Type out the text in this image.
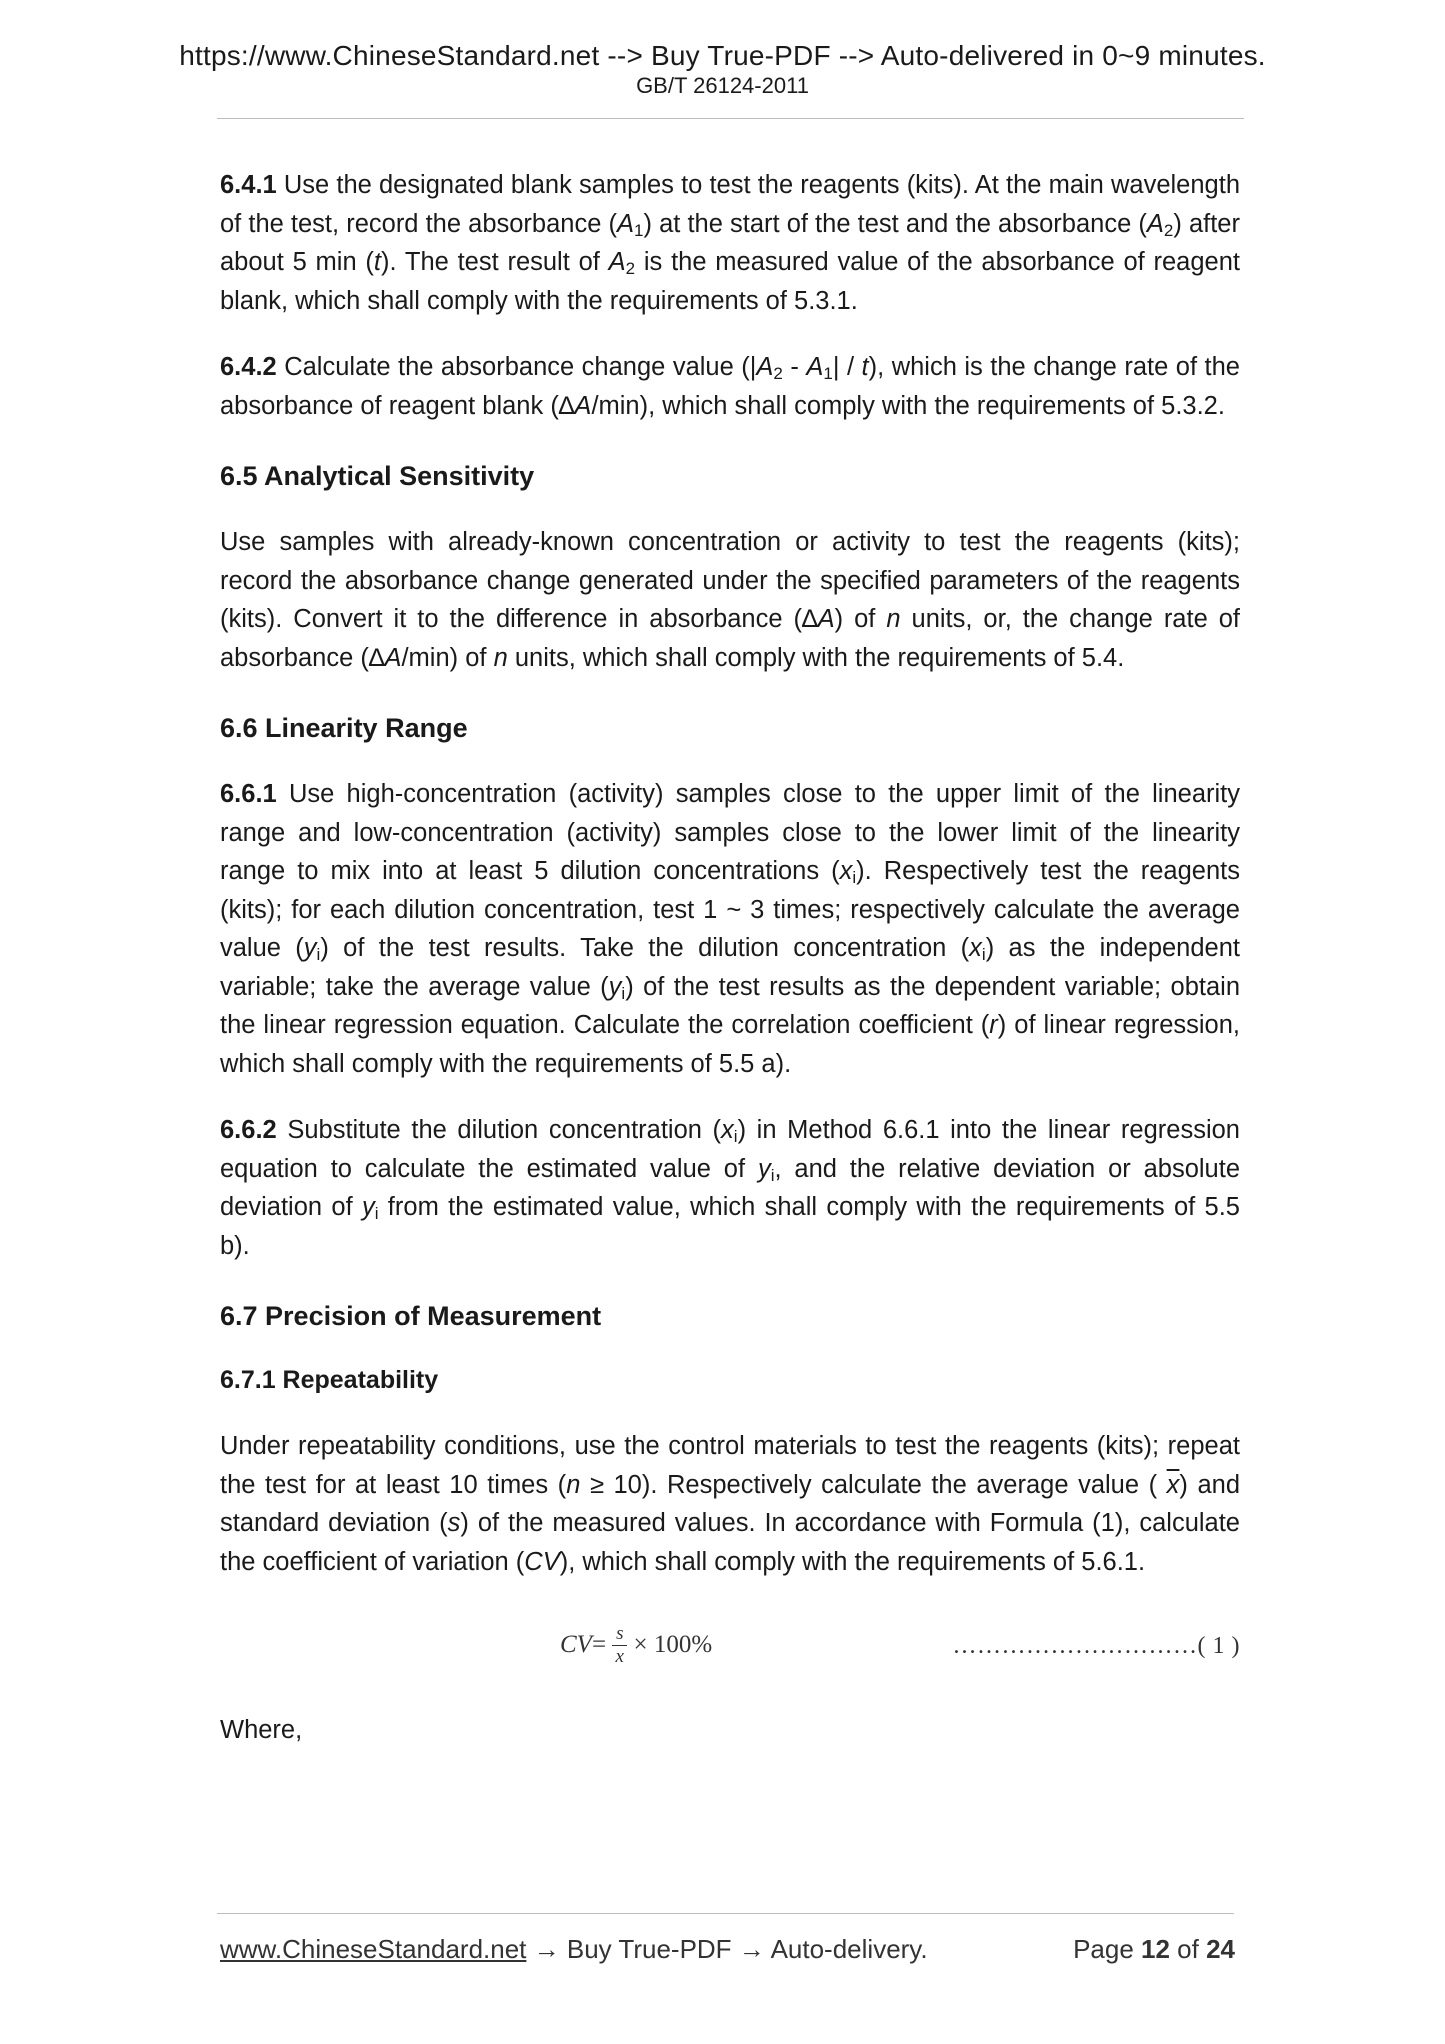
https://www.ChineseStandard.net --> Buy True-PDF --> Auto-delivered in 0~9 minutes.
GB/T 26124-2011

6.4.1 Use the designated blank samples to test the reagents (kits). At the main wavelength of the test, record the absorbance $(A_1)$ at the start of the test and the absorbance $(A_2)$ after about 5 min (t). The test result of $A_2$ is the measured value of the absorbance of reagent blank, which shall comply with the requirements of 5.3.1.

6.4.2 Calculate the absorbance change value $(|A_2 - A_1| / t)$, which is the change rate of the absorbance of reagent blank (∆A/min), which shall comply with the requirements of 5.3.2.

6.5 Analytical Sensitivity

Use samples with already-known concentration or activity to test the reagents (kits); record the absorbance change generated under the specified parameters of the reagents (kits). Convert it to the difference in absorbance (∆A) of n units, or, the change rate of absorbance (∆A/min) of n units, which shall comply with the requirements of 5.4.

6.6 Linearity Range

6.6.1 Use high-concentration (activity) samples close to the upper limit of the linearity range and low-concentration (activity) samples close to the lower limit of the linearity range to mix into at least 5 dilution concentrations $(x_i)$. Respectively test the reagents (kits); for each dilution concentration, test 1 ~ 3 times; respectively calculate the average value $(y_i)$ of the test results. Take the dilution concentration $(x_i)$ as the independent variable; take the average value $(y_i)$ of the test results as the dependent variable; obtain the linear regression equation. Calculate the correlation coefficient (r) of linear regression, which shall comply with the requirements of 5.5 a).

6.6.2 Substitute the dilution concentration $(x_i)$ in Method 6.6.1 into the linear regression equation to calculate the estimated value of $y_i$, and the relative deviation or absolute deviation of $y_i$ from the estimated value, which shall comply with the requirements of 5.5 b).

6.7 Precision of Measurement
6.7.1 Repeatability

Under repeatability conditions, use the control materials to test the reagents (kits); repeat the test for at least 10 times (n ≥ 10). Respectively calculate the average value ( $\overline{x}$) and standard deviation (s) of the measured values. In accordance with Formula (1), calculate the coefficient of variation (CV), which shall comply with the requirements of 5.6.1.

CV = $\frac{s}{x} \times 100\%$	…………………………( 1 )

Where,

www.ChineseStandard.net → Buy True-PDF → Auto-delivery.	Page 12 of 24
